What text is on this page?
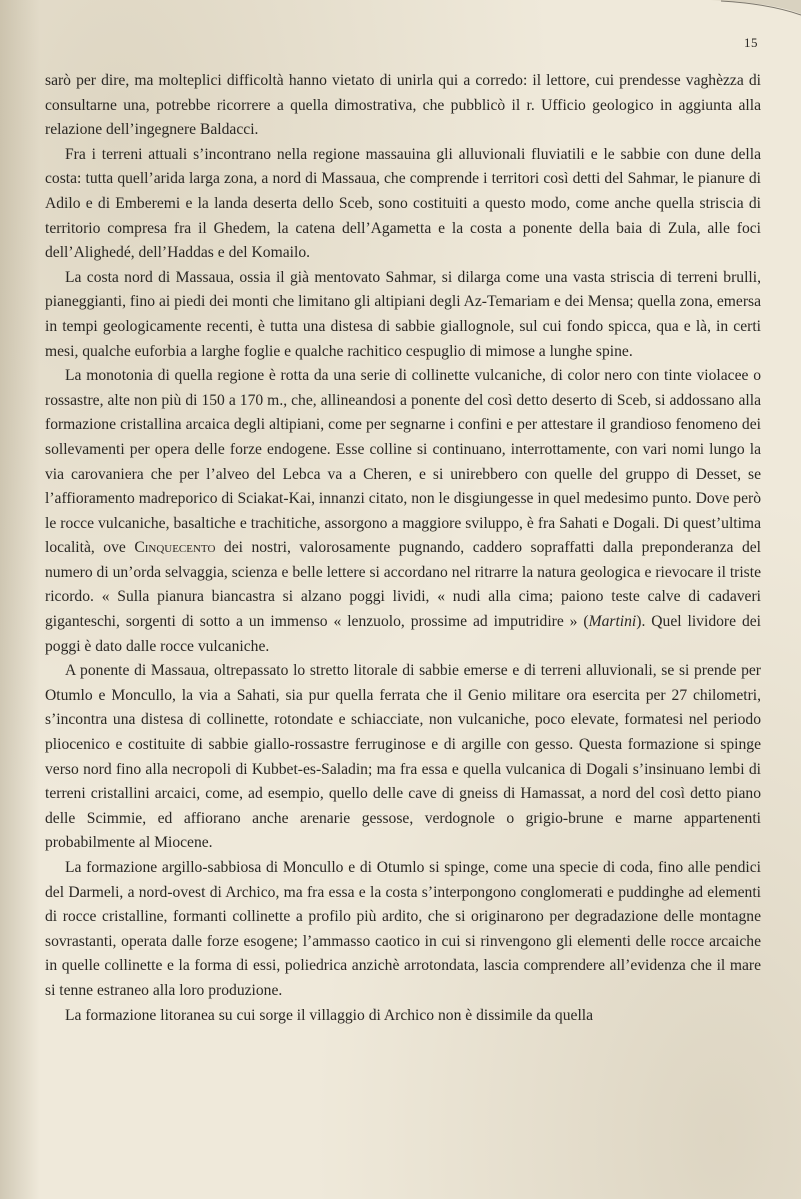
15

sarò per dire, ma molteplici difficoltà hanno vietato di unirla qui a corredo: il lettore, cui prendesse vaghèzza di consultarne una, potrebbe ricorrere a quella dimostrativa, che pubblicò il r. Ufficio geologico in aggiunta alla relazione dell’ingegnere Baldacci.

Fra i terreni attuali s’incontrano nella regione massauina gli alluvionali fluviatili e le sabbie con dune della costa: tutta quell’arida larga zona, a nord di Massaua, che comprende i territori così detti del Sahmar, le pianure di Adilo e di Emberemi e la landa deserta dello Sceb, sono costituiti a questo modo, come anche quella striscia di territorio compresa fra il Ghedem, la catena dell’Agametta e la costa a ponente della baia di Zula, alle foci dell’Alighedé, dell’Haddas e del Komailo.

La costa nord di Massaua, ossia il già mentovato Sahmar, si dilarga come una vasta striscia di terreni brulli, pianeggianti, fino ai piedi dei monti che limitano gli altipiani degli Az-Temariam e dei Mensa; quella zona, emersa in tempi geologicamente recenti, è tutta una distesa di sabbie giallognole, sul cui fondo spicca, qua e là, in certi mesi, qualche euforbia a larghe foglie e qualche rachitico cespuglio di mimose a lunghe spine.

La monotonia di quella regione è rotta da una serie di collinette vulcaniche, di color nero con tinte violacee o rossastre, alte non più di 150 a 170 m., che, allineandosi a ponente del così detto deserto di Sceb, si addossano alla formazione cristallina arcaica degli altipiani, come per segnarne i confini e per attestare il grandioso fenomeno dei sollevamenti per opera delle forze endogene. Esse colline si continuano, interrottamente, con vari nomi lungo la via carovaniera che per l’alveo del Lebca va a Cheren, e si unirebbero con quelle del gruppo di Desset, se l’affioramento madreporico di Sciakat-Kai, innanzi citato, non le disgiungesse in quel medesimo punto. Dove però le rocce vulcaniche, basaltiche e trachitiche, assorgono a maggiore sviluppo, è fra Sahati e Dogali. Di quest’ultima località, ove Cinquecento dei nostri, valorosamente pugnando, caddero sopraffatti dalla preponderanza del numero di un’orda selvaggia, scienza e belle lettere si accordano nel ritrarre la natura geologica e rievocare il triste ricordo. « Sulla pianura biancastra si alzano poggi lividi, « nudi alla cima; paiono teste calve di cadaveri giganteschi, sorgenti di sotto a un immenso « lenzuolo, prossime ad imputridire » (Martini). Quel lividore dei poggi è dato dalle rocce vulcaniche.

A ponente di Massaua, oltrepassato lo stretto litorale di sabbie emerse e di terreni alluvionali, se si prende per Otumlo e Moncullo, la via a Sahati, sia pur quella ferrata che il Genio militare ora esercita per 27 chilometri, s’incontra una distesa di collinette, rotondate e schiacciate, non vulcaniche, poco elevate, formatesi nel periodo pliocenico e costituite di sabbie giallo-rossastre ferruginose e di argille con gesso. Questa formazione si spinge verso nord fino alla necropoli di Kubbet-es-Saladin; ma fra essa e quella vulcanica di Dogali s’insinuano lembi di terreni cristallini arcaici, come, ad esempio, quello delle cave di gneiss di Hamassat, a nord del così detto piano delle Scimmie, ed affiorano anche arenarie gessose, verdognole o grigio-brune e marne appartenenti probabilmente al Miocene.

La formazione argillo-sabbiosa di Moncullo e di Otumlo si spinge, come una specie di coda, fino alle pendici del Darmeli, a nord-ovest di Archico, ma fra essa e la costa s’interpongono conglomerati e puddinghe ad elementi di rocce cristalline, formanti collinette a profilo più ardito, che si originarono per degradazione delle montagne sovrastanti, operata dalle forze esogene; l’ammasso caotico in cui si rinvengono gli elementi delle rocce arcaiche in quelle collinette e la forma di essi, poliedrica anzichè arrotondata, lascia comprendere all’evidenza che il mare si tenne estraneo alla loro produzione.

La formazione litoranea su cui sorge il villaggio di Archico non è dissimile da quella
